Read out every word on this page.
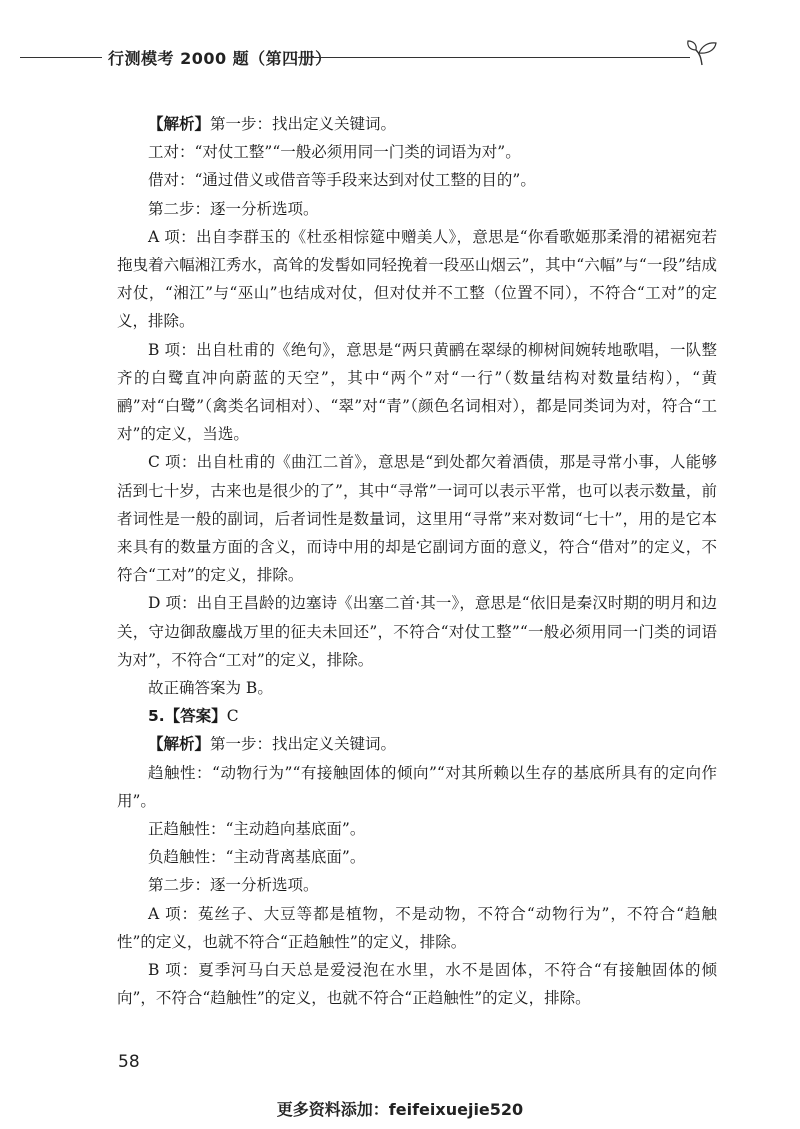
行测模考 2000 题（第四册）

【解析】第一步：找出定义关键词。

工对：“对仗工整”“一般必须用同一门类的词语为对”。

借对：“通过借义或借音等手段来达到对仗工整的目的”。

第二步：逐一分析选项。

A 项：出自李群玉的《杜丞相悰筵中赠美人》，意思是“你看歌姬那柔滑的裙裾宛若拖曳着六幅湘江秀水，高耸的发髻如同轻挽着一段巫山烟云”，其中“六幅”与“一段”结成对仗，“湘江”与“巫山”也结成对仗，但对仗并不工整（位置不同），不符合“工对”的定义，排除。

B 项：出自杜甫的《绝句》，意思是“两只黄鹂在翠绿的柳树间婉转地歌唱，一队整齐的白鹭直冲向蔚蓝的天空”，其中“两个”对“一行”（数量结构对数量结构），“黄鹂”对“白鹭”（禽类名词相对）、“翠”对“青”（颜色名词相对），都是同类词为对，符合“工对”的定义，当选。

C 项：出自杜甫的《曲江二首》，意思是“到处都欠着酒债，那是寻常小事，人能够活到七十岁，古来也是很少的了”，其中“寻常”一词可以表示平常，也可以表示数量，前者词性是一般的副词，后者词性是数量词，这里用“寻常”来对数词“七十”，用的是它本来具有的数量方面的含义，而诗中用的却是它副词方面的意义，符合“借对”的定义，不符合“工对”的定义，排除。

D 项：出自王昌龄的边塞诗《出塞二首·其一》，意思是“依旧是秦汉时期的明月和边关，守边御敌鏖战万里的征夫未回还”，不符合“对仗工整”“一般必须用同一门类的词语为对”，不符合“工对”的定义，排除。

故正确答案为 B。

5.【答案】C

【解析】第一步：找出定义关键词。

趋触性：“动物行为”“有接触固体的倾向”“对其所赖以生存的基底所具有的定向作用”。

正趋触性：“主动趋向基底面”。

负趋触性：“主动背离基底面”。

第二步：逐一分析选项。

A 项：菟丝子、大豆等都是植物，不是动物，不符合“动物行为”，不符合“趋触性”的定义，也就不符合“正趋触性”的定义，排除。

B 项：夏季河马白天总是爱浸泡在水里，水不是固体，不符合“有接触固体的倾向”，不符合“趋触性”的定义，也就不符合“正趋触性”的定义，排除。

58
更多资料添加：feifeixuejie520
